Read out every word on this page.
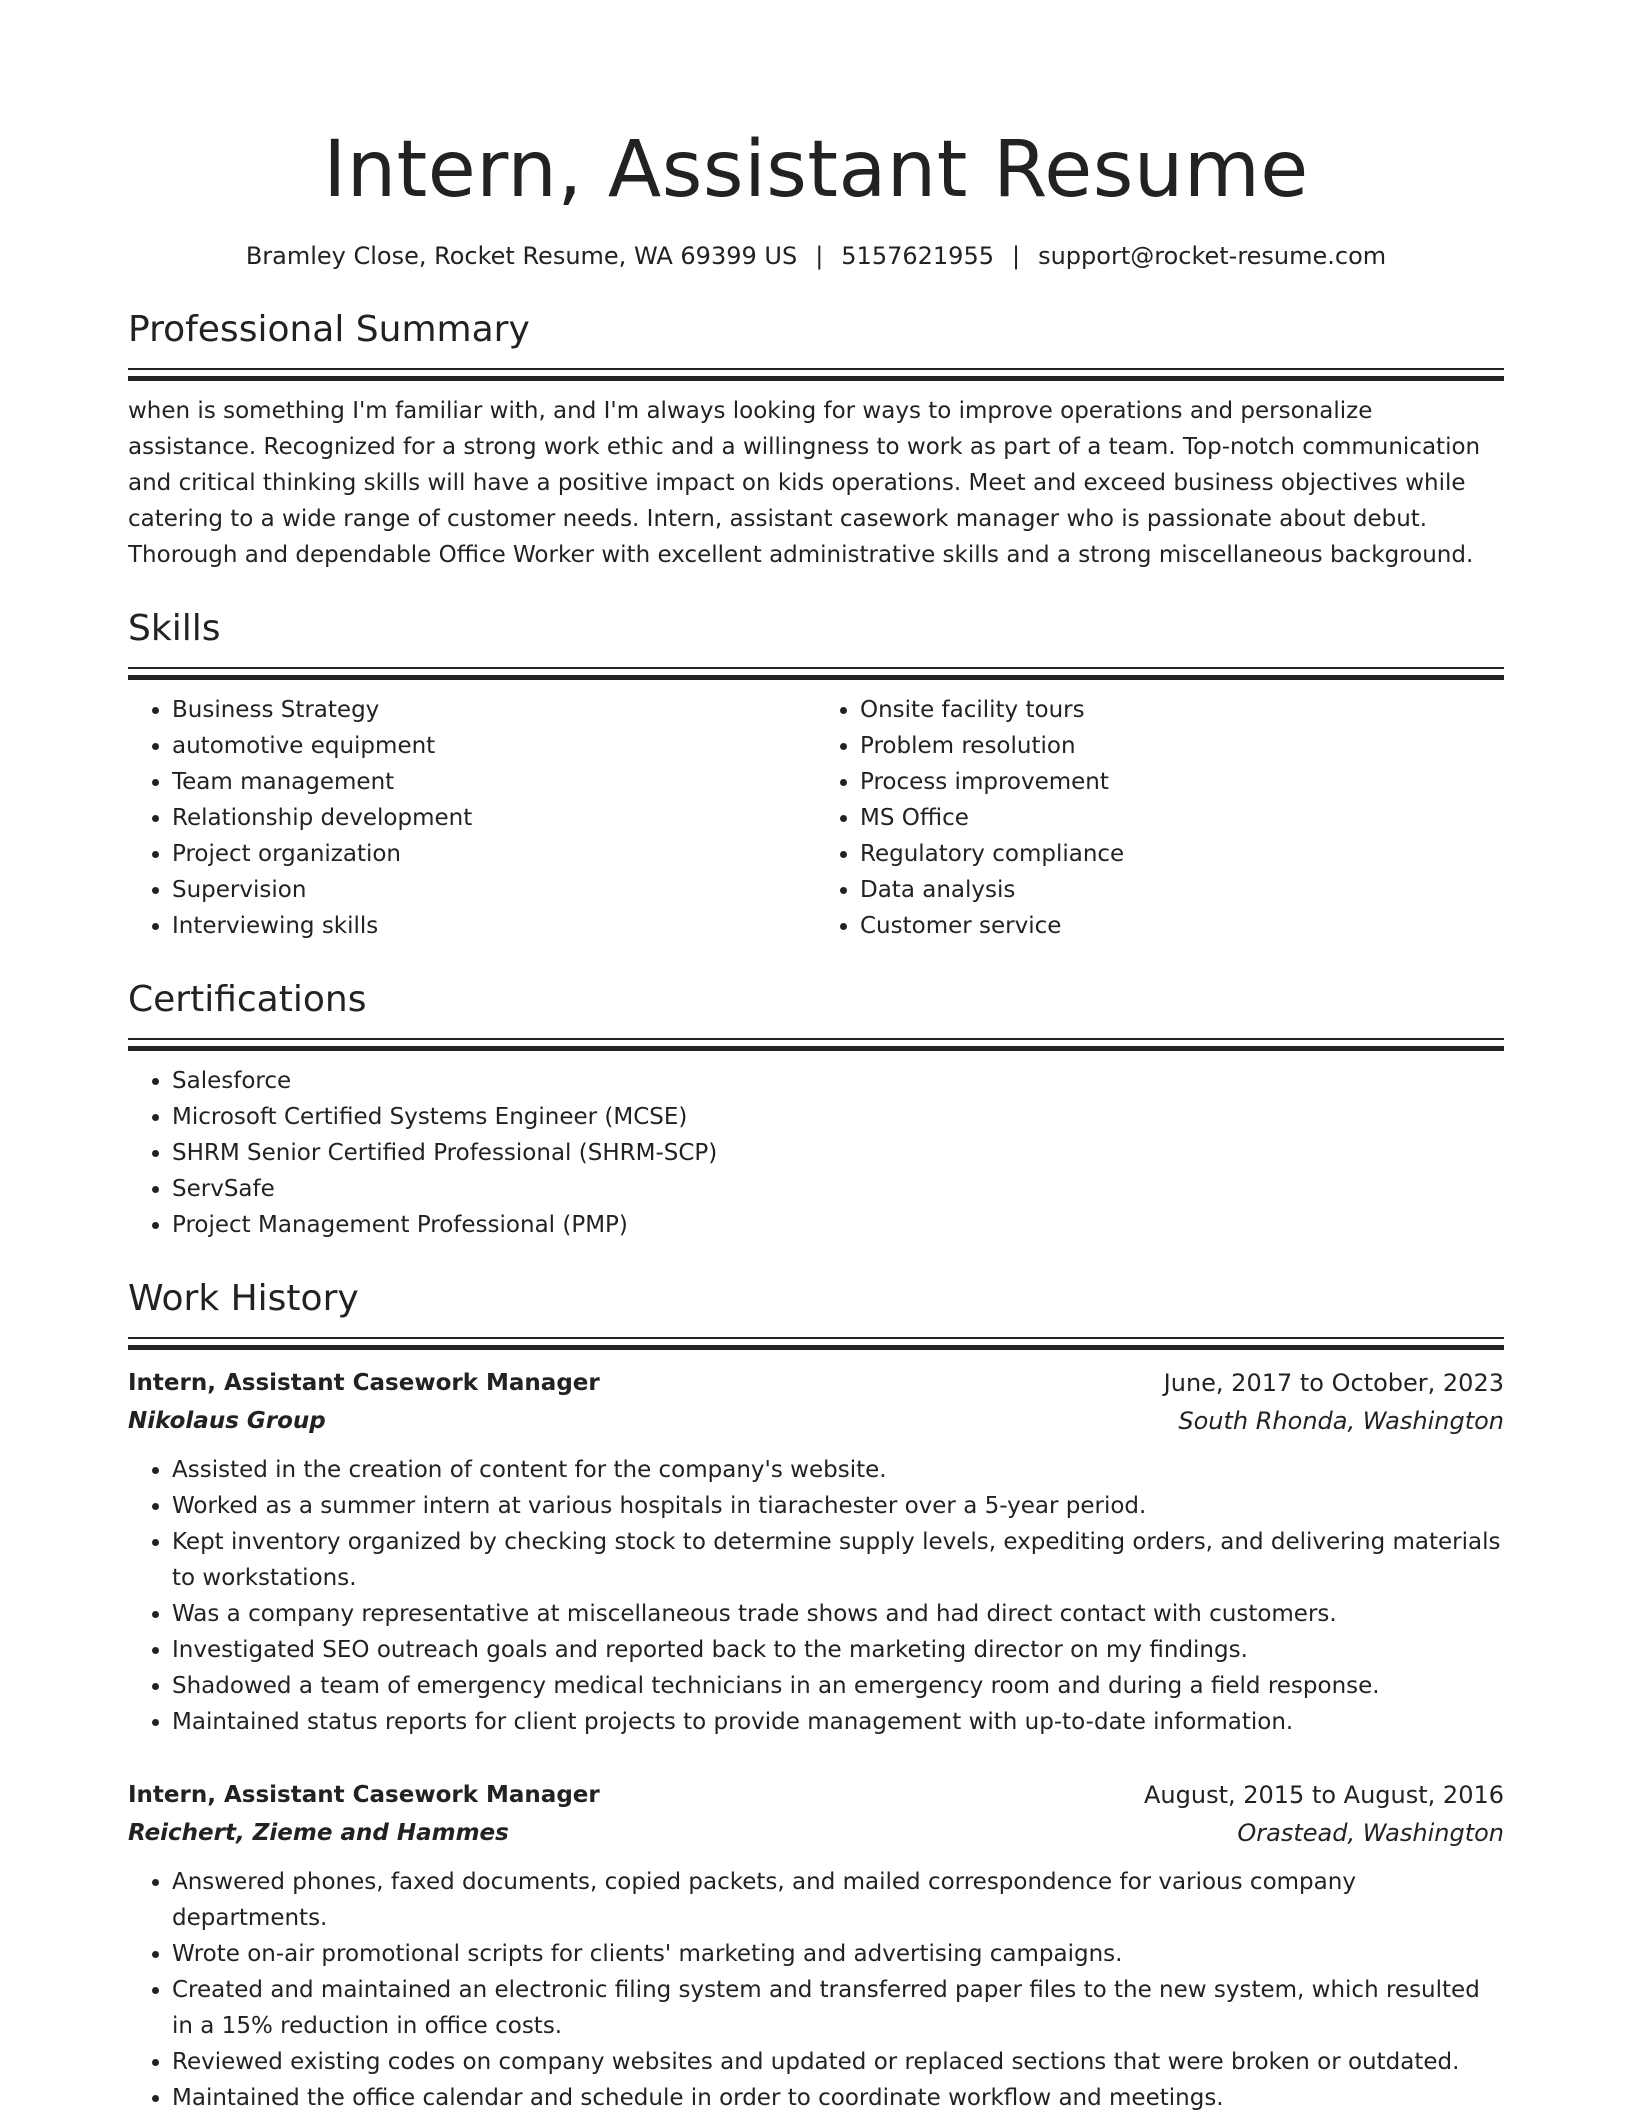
Intern, Assistant Resume
Bramley Close, Rocket Resume, WA 69399 US | 5157621955 | support@rocket-resume.com
Professional Summary
when is something I'm familiar with, and I'm always looking for ways to improve operations and personalize assistance. Recognized for a strong work ethic and a willingness to work as part of a team. Top-notch communication and critical thinking skills will have a positive impact on kids operations. Meet and exceed business objectives while catering to a wide range of customer needs. Intern, assistant casework manager who is passionate about debut. Thorough and dependable Office Worker with excellent administrative skills and a strong miscellaneous background.
Skills
• Business Strategy
• automotive equipment
• Team management
• Relationship development
• Project organization
• Supervision
• Interviewing skills
• Onsite facility tours
• Problem resolution
• Process improvement
• MS Office
• Regulatory compliance
• Data analysis
• Customer service
Certifications
• Salesforce
• Microsoft Certified Systems Engineer (MCSE)
• SHRM Senior Certified Professional (SHRM-SCP)
• ServSafe
• Project Management Professional (PMP)
Work History
Intern, Assistant Casework Manager	June, 2017 to October, 2023
Nikolaus Group	South Rhonda, Washington
• Assisted in the creation of content for the company's website.
• Worked as a summer intern at various hospitals in tiarachester over a 5-year period.
• Kept inventory organized by checking stock to determine supply levels, expediting orders, and delivering materials to workstations.
• Was a company representative at miscellaneous trade shows and had direct contact with customers.
• Investigated SEO outreach goals and reported back to the marketing director on my findings.
• Shadowed a team of emergency medical technicians in an emergency room and during a field response.
• Maintained status reports for client projects to provide management with up-to-date information.
Intern, Assistant Casework Manager	August, 2015 to August, 2016
Reichert, Zieme and Hammes	Orastead, Washington
• Answered phones, faxed documents, copied packets, and mailed correspondence for various company departments.
• Wrote on-air promotional scripts for clients' marketing and advertising campaigns.
• Created and maintained an electronic filing system and transferred paper files to the new system, which resulted in a 15% reduction in office costs.
• Reviewed existing codes on company websites and updated or replaced sections that were broken or outdated.
• Maintained the office calendar and schedule in order to coordinate workflow and meetings.
